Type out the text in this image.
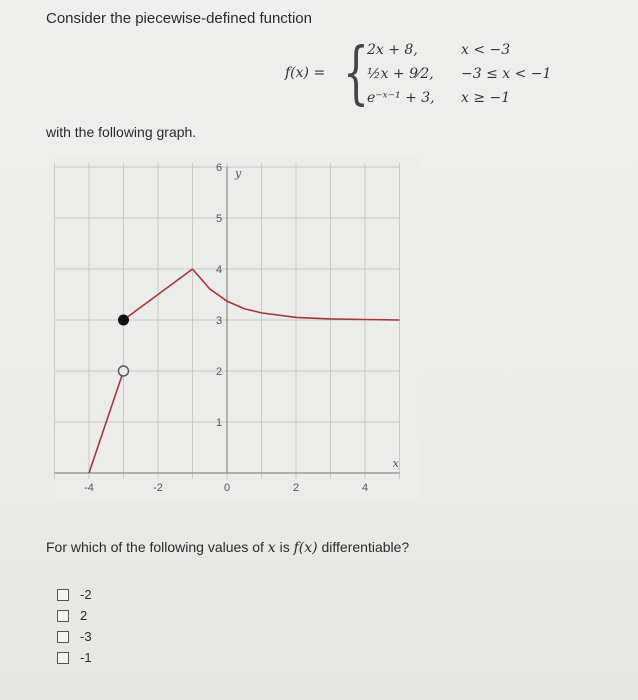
Consider the piecewise-defined function
f(x) = {
2x + 8,	x < −3
½x + 9⁄2, −3 ≤ x < −1
e⁻ˣ⁻¹ + 3, x ≥ −1
with the following graph.
-4	-2	0	2	4
1
2
3
4
5
6
x
y
For which of the following values of x is f(x) differentiable?
-2
2
-3
-1
